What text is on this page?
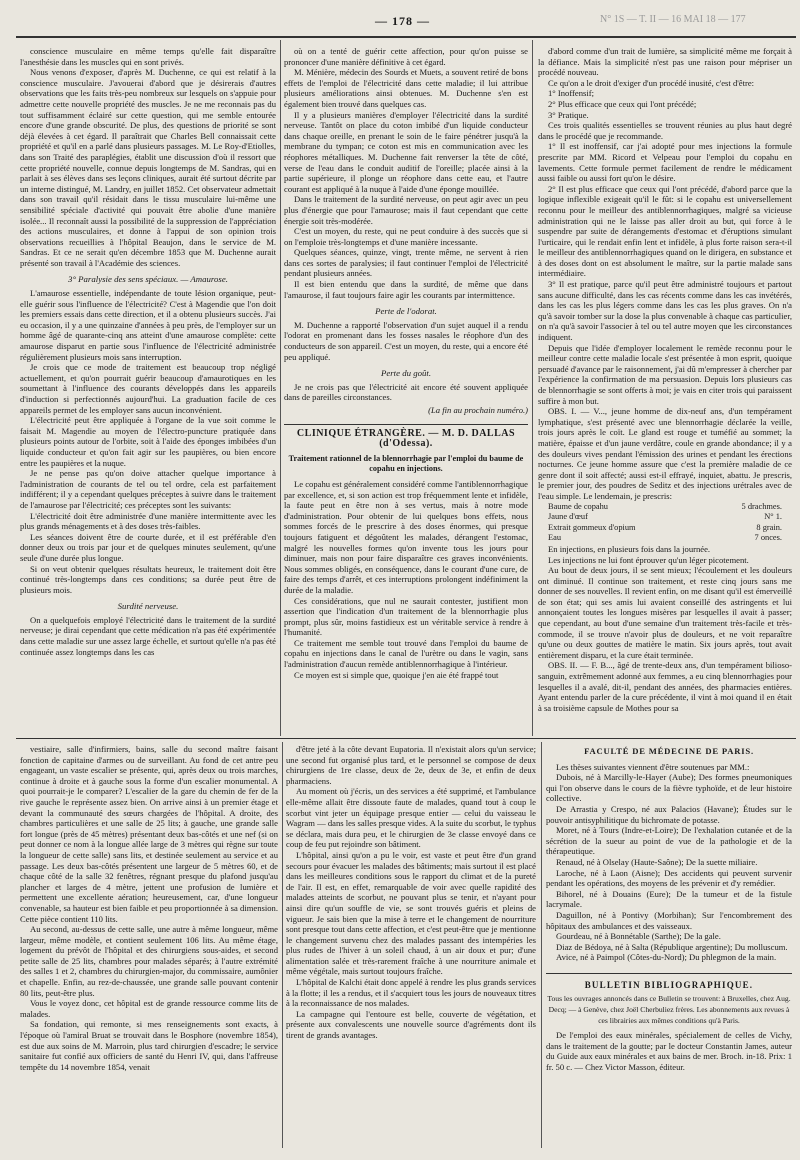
— 178 —	N° 1S — T. II — 16 MAI 18 — 177

conscience musculaire en même temps qu'elle fait disparaître l'anesthésie dans les muscles qui en sont privés.

Nous venons d'exposer, d'après M. Duchenne, ce qui est relatif à la conscience musculaire. J'avouerai d'abord que je désirerais d'autres observations que les faits très-peu nombreux sur lesquels on s'appuie pour admettre cette nouvelle propriété des muscles. Je ne me reconnais pas du tout suffisamment éclairé sur cette question, qui me semble entourée encore d'une grande obscurité. De plus, des questions de priorité se sont déjà élevées à cet égard. Il paraîtrait que Charles Bell connaissait cette propriété et qu'il en a parlé dans plusieurs passages. M. Le Roy-d'Etiolles, dans son Traité des paraplégies, établit une discussion d'où il ressort que cette propriété nouvelle, connue depuis longtemps de M. Sandras, qui en parlait à ses élèves dans ses leçons cliniques, aurait été surtout décrite par un interne distingué, M. Landry, en juillet 1852. Cet observateur admettait dans son travail qu'il résidait dans le tissu musculaire lui-même une sensibilité spéciale d'activité qui pouvait être abolie d'une manière isolée... Il reconnaît aussi la possibilité de la suppression de l'appréciation des actions musculaires, et donne à l'appui de son opinion trois observations recueillies à l'hôpital Beaujon, dans le service de M. Sandras. Et ce ne serait qu'en décembre 1853 que M. Duchenne aurait présenté son travail à l'Académie des sciences.

3° Paralysie des sens spéciaux. — Amaurose.

L'amaurose essentielle, indépendante de toute lésion organique, peut-elle guérir sous l'influence de l'électricité? C'est à Magendie que l'on doit les premiers essais dans cette direction, et il a obtenu plusieurs succès. J'ai eu occasion, il y a une quinzaine d'années à peu près, de l'employer sur un homme âgé de quarante-cinq ans atteint d'une amaurose complète: cette amaurose disparut en partie sous l'influence de l'électricité administrée régulièrement plusieurs mois sans interruption.

Je crois que ce mode de traitement est beaucoup trop négligé actuellement, et qu'on pourrait guérir beaucoup d'amaurotiques en les soumettant à l'influence des courants développés dans les appareils d'induction si perfectionnés aujourd'hui. La graduation facile de ces appareils permet de les employer sans aucun inconvénient.

L'électricité peut être appliquée à l'organe de la vue soit comme le faisait M. Magendie au moyen de l'électro-puncture pratiquée dans plusieurs points autour de l'orbite, soit à l'aide des éponges imbibées d'un liquide conducteur et qu'on fait agir sur les paupières, ou bien encore entre les paupières et la nuque.

Je ne pense pas qu'on doive attacher quelque importance à l'administration de courants de tel ou tel ordre, cela est parfaitement indifférent; il y a cependant quelques préceptes à suivre dans le traitement de l'amaurose par l'électricité; ces préceptes sont les suivants:

L'électricité doit être administrée d'une manière intermittente avec les plus grands ménagements et à des doses très-faibles.

Les séances doivent être de courte durée, et il est préférable d'en donner deux ou trois par jour et de quelques minutes seulement, qu'une seule d'une durée plus longue.

Si on veut obtenir quelques résultats heureux, le traitement doit être continué très-longtemps dans ces conditions; sa durée peut être de plusieurs mois.

Surdité nerveuse.

On a quelquefois employé l'électricité dans le traitement de la surdité nerveuse; je dirai cependant que cette médication n'a pas été expérimentée dans cette maladie sur une assez large échelle, et surtout qu'elle n'a pas été continuée assez longtemps dans les cas

où on a tenté de guérir cette affection, pour qu'on puisse se prononcer d'une manière définitive à cet égard.

M. Ménière, médecin des Sourds et Muets, a souvent retiré de bons effets de l'emploi de l'électricité dans cette maladie; il lui attribue plusieurs améliorations ainsi obtenues. M. Duchenne s'en est également bien trouvé dans quelques cas.

Il y a plusieurs manières d'employer l'électricité dans la surdité nerveuse. Tantôt on place du coton imbibé d'un liquide conducteur dans chaque oreille, en prenant le soin de le faire pénétrer jusqu'à la membrane du tympan; ce coton est mis en communication avec les réophores métalliques. M. Duchenne fait renverser la tête de côté, verse de l'eau dans le conduit auditif de l'oreille; placée ainsi à la partie supérieure, il plonge un réophore dans cette eau, et l'autre courant est appliqué à la nuque à l'aide d'une éponge mouillée.

Dans le traitement de la surdité nerveuse, on peut agir avec un peu plus d'énergie que pour l'amaurose; mais il faut cependant que cette énergie soit très-modérée.

C'est un moyen, du reste, qui ne peut conduire à des succès que si on l'emploie très-longtemps et d'une manière incessante.

Quelques séances, quinze, vingt, trente même, ne servent à rien dans ces sortes de paralysies; il faut continuer l'emploi de l'électricité pendant plusieurs années.

Il est bien entendu que dans la surdité, de même que dans l'amaurose, il faut toujours faire agir les courants par intermittence.

Perte de l'odorat.

M. Duchenne a rapporté l'observation d'un sujet auquel il a rendu l'odorat en promenant dans les fosses nasales le réophore d'un des conducteurs de son appareil. C'est un moyen, du reste, qui a encore été peu appliqué.

Perte du goût.

Je ne crois pas que l'électricité ait encore été souvent appliquée dans de pareilles circonstances.

(La fin au prochain numéro.)
CLINIQUE ÉTRANGÈRE. — M. D. DALLAS (d'Odessa).
Traitement rationnel de la blennorrhagie par l'emploi du baume de copahu en injections.

Le copahu est généralement considéré comme l'antiblennorrhagique par excellence, et, si son action est trop fréquemment lente et infidèle, la faute peut en être non à ses vertus, mais à notre mode d'administration. Pour obtenir de lui quelques bons effets, nous sommes forcés de le prescrire à des doses énormes, qui presque toujours fatiguent et dégoûtent les malades, dérangent l'estomac, malgré les nouvelles formes qu'on invente tous les jours pour diminuer, mais non pour faire disparaître ces graves inconvénients. Nous sommes obligés, en conséquence, dans le courant d'une cure, de faire des temps d'arrêt, et ces interruptions prolongent indéfiniment la durée de la maladie.

Ces considérations, que nul ne saurait contester, justifient mon assertion que l'indication d'un traitement de la blennorrhagie plus prompt, plus sûr, moins fastidieux est un véritable service à rendre à l'humanité.

Ce traitement me semble tout trouvé dans l'emploi du baume de copahu en injections dans le canal de l'urètre ou dans le vagin, sans l'administration d'aucun remède antiblennorrhagique à l'intérieur.

Ce moyen est si simple que, quoique j'en aie été frappé tout

d'abord comme d'un trait de lumière, sa simplicité même me forçait à la défiance. Mais la simplicité n'est pas une raison pour mépriser un procédé nouveau.

Ce qu'on a le droit d'exiger d'un procédé inusité, c'est d'être:

1° Inoffensif;

2° Plus efficace que ceux qui l'ont précédé;

3° Pratique.

Ces trois qualités essentielles se trouvent réunies au plus haut degré dans le procédé que je recommande.

1° Il est inoffensif, car j'ai adopté pour mes injections la formule prescrite par MM. Ricord et Velpeau pour l'emploi du copahu en lavements. Cette formule permet facilement de rendre le médicament aussi faible ou aussi fort qu'on le désire.

2° Il est plus efficace que ceux qui l'ont précédé, d'abord parce que la logique inflexible exigeait qu'il le fût: si le copahu est universellement reconnu pour le meilleur des antiblennorrhagiques, malgré sa vicieuse administration qui ne le laisse pas aller droit au but, qui force à le suspendre par suite de dérangements d'estomac et d'éruptions simulant l'urticaire, qui le rendait enfin lent et infidèle, à plus forte raison sera-t-il le meilleur des antiblennorrhagiques quand on le dirigera, en substance et à des doses dont on est absolument le maître, sur la partie malade sans intermédiaire.

3° Il est pratique, parce qu'il peut être administré toujours et partout sans aucune difficulté, dans les cas récents comme dans les cas invétérés, dans les cas les plus légers comme dans les cas les plus graves. On n'a qu'à savoir tomber sur la dose la plus convenable à chaque cas particulier, on n'a qu'à savoir l'associer à tel ou tel autre moyen que les circonstances indiquent.

Depuis que l'idée d'employer localement le remède reconnu pour le meilleur contre cette maladie locale s'est présentée à mon esprit, quoique persuadé d'avance par le raisonnement, j'ai dû m'empresser à chercher par l'expérience la confirmation de ma persuasion. Depuis lors plusieurs cas de blennorrhagie se sont offerts à moi; je vais en citer trois qui paraissent suffire à mon but.

OBS. I. — V..., jeune homme de dix-neuf ans, d'un tempérament lymphatique, s'est présenté avec une blennorrhagie déclarée la veille, trois jours après le coït. Le gland est rouge et tuméfié au sommet; la matière, épaisse et d'un jaune verdâtre, coule en grande abondance; il y a des douleurs vives pendant l'émission des urines et pendant les érections nocturnes. Ce jeune homme assure que c'est la première maladie de ce genre dont il soit affecté; aussi est-il effrayé, inquiet, abattu. Je prescris, le premier jour, des poudres de Seditz et des injections urétrales avec de l'eau simple. Le lendemain, je prescris:

Baume de copahu	5 drachmes.
Jaune d'œuf	N° 1.
Extrait gommeux d'opium	8 grain.
Eau	7 onces.

En injections, en plusieurs fois dans la journée.

Les injections ne lui font éprouver qu'un léger picotement.

Au bout de deux jours, il se sent mieux; l'écoulement et les douleurs ont diminué. Il continue son traitement, et reste cinq jours sans me donner de ses nouvelles. Il revient enfin, on me disant qu'il est émerveillé de son état; qui ses amis lui avaient conseillé des astringents et lui annonçaient toutes les longues misères par lesquelles il avait à passer; que cependant, au bout d'une semaine d'un traitement très-facile et très-commode, il se trouve n'avoir plus de douleurs, et ne voit reparaître qu'une ou deux gouttes de matière le matin. Six jours après, tout avait entièrement disparu, et la cure était terminée.

OBS. II. — F. B..., âgé de trente-deux ans, d'un tempérament bilioso-sanguin, extrêmement adonné aux femmes, a eu cinq blennorrhagies pour lesquelles il a avalé, dit-il, pendant des années, des pharmacies entières. Ayant entendu parler de la cure précédente, il vint à moi quand il en était à sa troisième capsule de Mothes pour sa

vestiaire, salle d'infirmiers, bains, salle du second maître faisant fonction de capitaine d'armes ou de surveillant. Au fond de cet antre peu engageant, un vaste escalier se présente, qui, après deux ou trois marches, continue à droite et à gauche sous la forme d'un escalier monumental. A quoi pourrait-je le comparer? L'escalier de la gare du chemin de fer de la rive gauche le représente assez bien. On arrive ainsi à un premier étage et devant la communauté des sœurs chargées de l'hôpital. A droite, des chambres particulières et une salle de 25 lits; à gauche, une grande salle fort longue (près de 45 mètres) présentant deux bas-côtés et une nef (si on peut donner ce nom à la longue allée large de 3 mètres qui règne sur toute la longueur de cette salle) sans lits, et destinée seulement au service et au passage. Les deux bas-côtés présentent une largeur de 5 mètres 60, et de chaque côté de la salle 32 fenêtres, régnant presque du plafond jusqu'au plancher et larges de 4 mètre, jettent une profusion de lumière et permettent une excellente aération; heureusement, car, d'une longueur convenable, sa hauteur est bien faible et peu proportionnée à sa dimension. Cette pièce contient 110 lits.

Au second, au-dessus de cette salle, une autre à même longueur, même largeur, même modèle, et contient seulement 106 lits. Au même étage, logement du prévôt de l'hôpital et des chirurgiens sous-aides, et second petite salle de 25 lits, chambres pour malades séparés; à l'autre extrémité des salles 1 et 2, chambres du chirurgien-major, du commissaire, aumônier et chapelle. Enfin, au rez-de-chaussée, une grande salle pouvant contenir 80 lits, peut-être plus.

Vous le voyez donc, cet hôpital est de grande ressource comme lits de malades.

Sa fondation, qui remonte, si mes renseignements sont exacts, à l'époque où l'amiral Bruat se trouvait dans le Bosphore (novembre 1854), est due aux soins de M. Marroin, plus tard chirurgien d'escadre; le service sanitaire fut confié aux officiers de santé du Henri IV, qui, dans l'affreuse tempête du 14 novembre 1854, venait

d'être jeté à la côte devant Eupatoria. Il n'existait alors qu'un service; une second fut organisé plus tard, et le personnel se compose de deux chirurgiens de 1re classe, deux de 2e, deux de 3e, et enfin de deux pharmaciens.

Au moment où j'écris, un des services a été supprimé, et l'ambulance elle-même allait être dissoute faute de malades, quand tout à coup le scorbut vint jeter un équipage presque entier — celui du vaisseau le Wagram — dans les salles presque vides. A la suite du scorbut, le typhus se déclara, mais dura peu, et le chirurgien de 3e classe envoyé dans ce coup de feu put rejoindre son bâtiment.

L'hôpital, ainsi qu'on a pu le voir, est vaste et peut être d'un grand secours pour évacuer les malades des bâtiments; mais surtout il est placé dans les meilleures conditions sous le rapport du climat et de la pureté de l'air. Il est, en effet, remarquable de voir avec quelle rapidité des malades atteints de scorbut, ne pouvant plus se tenir, et n'ayant pour ainsi dire qu'un souffle de vie, se sont trouvés guéris et pleins de vigueur. Je sais bien que la mise à terre et le changement de nourriture sont presque tout dans cette affection, et c'est peut-être que je mentionne le changement survenu chez des malades passant des intempéries les plus rudes de l'hiver à un soleil chaud, à un air doux et pur; d'une alimentation salée et très-rarement fraîche à une nourriture animale et même végétale, mais surtout toujours fraîche.

L'hôpital de Kalchi était donc appelé à rendre les plus grands services à la flotte; il les a rendus, et il s'acquiert tous les jours de nouveaux titres à la reconnaissance de nos malades.

La campagne qui l'entoure est belle, couverte de végétation, et présente aux convalescents une nouvelle source d'agréments dont ils tirent de grands avantages.

FACULTÉ DE MÉDECINE DE PARIS.

Les thèses suivantes viennent d'être soutenues par MM.:

Dubois, né à Marcilly-le-Hayer (Aube); Des formes pneumoniques qui l'on observe dans le cours de la fièvre typhoïde, et de leur histoire collective.

De Arrastia y Crespo, né aux Palacios (Havane); Études sur le pouvoir antisyphilitique du bichromate de potasse.

Moret, né à Tours (Indre-et-Loire); De l'exhalation cutanée et de la sécrétion de la sueur au point de vue de la pathologie et de la thérapeutique.

Renaud, né à Olselay (Haute-Saône); De la suette miliaire.

Laroche, né à Laon (Aisne); Des accidents qui peuvent survenir pendant les opérations, des moyens de les prévenir et d'y remédier.

Bihorel, né à Douains (Eure); De la tumeur et de la fistule lacrymale.

Daguillon, né à Pontivy (Morbihan); Sur l'encombrement des hôpitaux des ambulances et des vaisseaux.

Gourdeau, né à Bonnétable (Sarthe); De la gale.

Diaz de Bédoya, né à Salta (République argentine); Du molluscum.

Avice, né à Paimpol (Côtes-du-Nord); Du phlegmon de la main.

BULLETIN BIBLIOGRAPHIQUE.
Tous les ouvrages annoncés dans ce Bulletin se trouvent: à Bruxelles, chez Aug. Decq; — à Genève, chez Joël Cherbuliez frères. Les abonnements aux revues à ces librairies aux mêmes conditions qu'à Paris.

De l'emploi des eaux minérales, spécialement de celles de Vichy, dans le traitement de la goutte; par le docteur Constantin James, auteur du Guide aux eaux minérales et aux bains de mer. Broch. in-18. Prix: 1 fr. 50 c. — Chez Victor Masson, éditeur.
